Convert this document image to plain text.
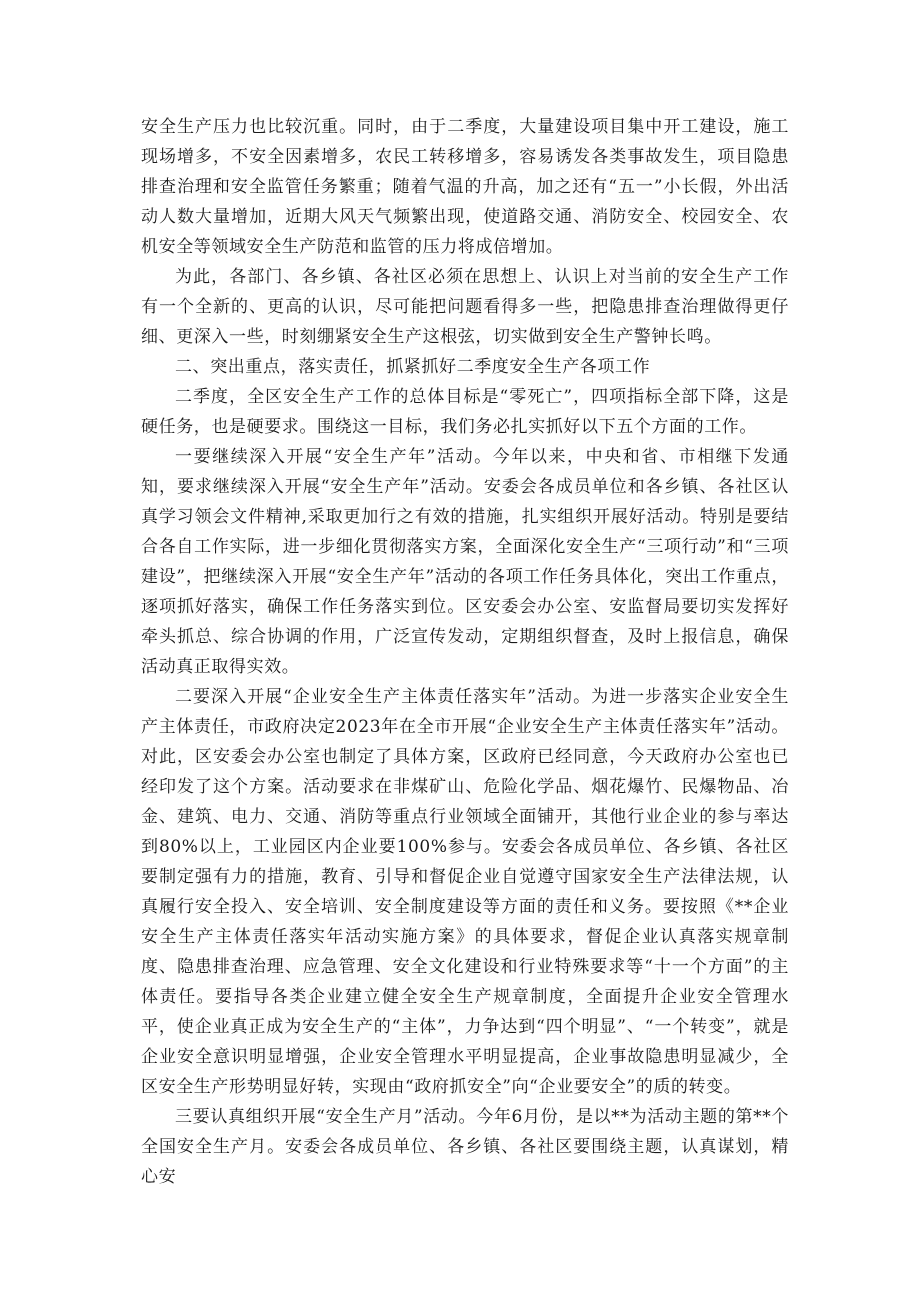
安全生产压力也比较沉重。同时，由于二季度，大量建设项目集中开工建设，施工现场增多，不安全因素增多，农民工转移增多，容易诱发各类事故发生，项目隐患排查治理和安全监管任务繁重；随着气温的升高，加之还有“五一”小长假，外出活动人数大量增加，近期大风天气频繁出现，使道路交通、消防安全、校园安全、农机安全等领域安全生产防范和监管的压力将成倍增加。

为此，各部门、各乡镇、各社区必须在思想上、认识上对当前的安全生产工作有一个全新的、更高的认识，尽可能把问题看得多一些，把隐患排查治理做得更仔细、更深入一些，时刻绷紧安全生产这根弦，切实做到安全生产警钟长鸣。

二、突出重点，落实责任，抓紧抓好二季度安全生产各项工作

二季度，全区安全生产工作的总体目标是“零死亡”，四项指标全部下降，这是硬任务，也是硬要求。围绕这一目标，我们务必扎实抓好以下五个方面的工作。

一要继续深入开展“安全生产年”活动。今年以来，中央和省、市相继下发通知，要求继续深入开展“安全生产年”活动。安委会各成员单位和各乡镇、各社区认真学习领会文件精神,采取更加行之有效的措施，扎实组织开展好活动。特别是要结合各自工作实际，进一步细化贯彻落实方案，全面深化安全生产“三项行动”和“三项建设”，把继续深入开展“安全生产年”活动的各项工作任务具体化，突出工作重点，逐项抓好落实，确保工作任务落实到位。区安委会办公室、安监督局要切实发挥好牵头抓总、综合协调的作用，广泛宣传发动，定期组织督查，及时上报信息，确保活动真正取得实效。

二要深入开展“企业安全生产主体责任落实年”活动。为进一步落实企业安全生产主体责任，市政府决定2023年在全市开展“企业安全生产主体责任落实年”活动。对此，区安委会办公室也制定了具体方案，区政府已经同意，今天政府办公室也已经印发了这个方案。活动要求在非煤矿山、危险化学品、烟花爆竹、民爆物品、冶金、建筑、电力、交通、消防等重点行业领域全面铺开，其他行业企业的参与率达到80%以上，工业园区内企业要100%参与。安委会各成员单位、各乡镇、各社区要制定强有力的措施，教育、引导和督促企业自觉遵守国家安全生产法律法规，认真履行安全投入、安全培训、安全制度建设等方面的责任和义务。要按照《**企业安全生产主体责任落实年活动实施方案》的具体要求，督促企业认真落实规章制度、隐患排查治理、应急管理、安全文化建设和行业特殊要求等“十一个方面”的主体责任。要指导各类企业建立健全安全生产规章制度，全面提升企业安全管理水平，使企业真正成为安全生产的“主体”，力争达到“四个明显”、“一个转变”，就是企业安全意识明显增强，企业安全管理水平明显提高，企业事故隐患明显减少，全区安全生产形势明显好转，实现由“政府抓安全”向“企业要安全”的质的转变。

三要认真组织开展“安全生产月”活动。今年6月份，是以**为活动主题的第**个全国安全生产月。安委会各成员单位、各乡镇、各社区要围绕主题，认真谋划，精心安
